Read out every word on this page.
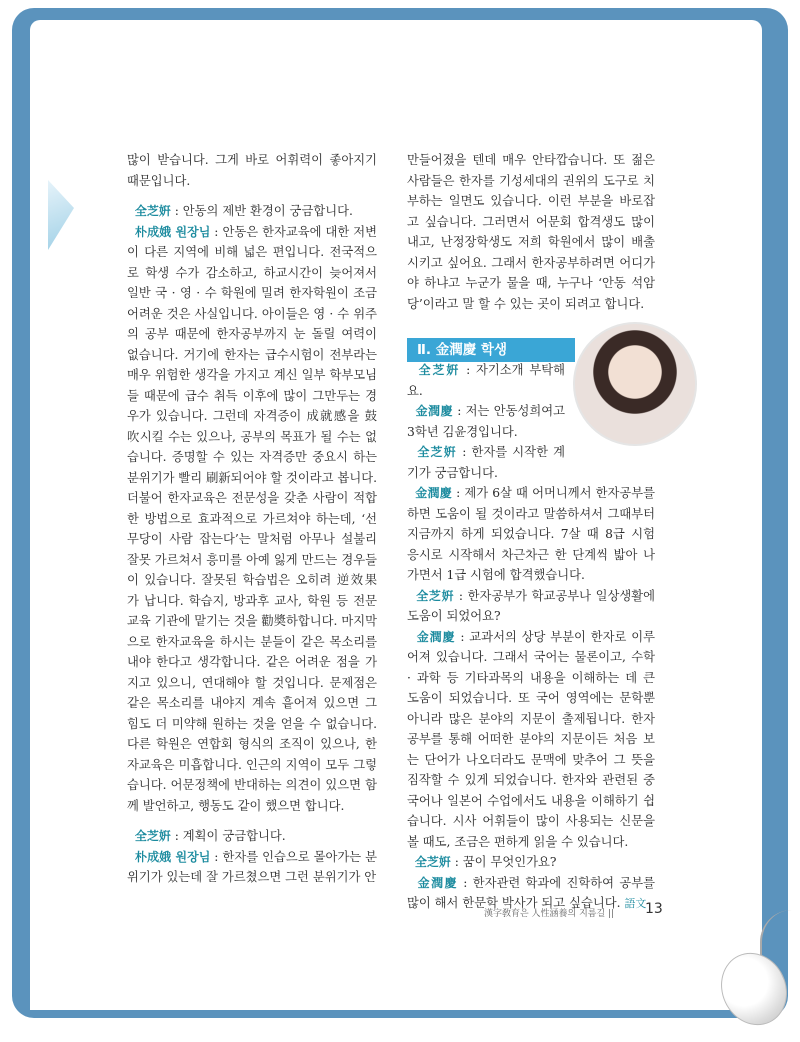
많이 받습니다. 그게 바로 어휘력이 좋아지기 때문입니다.

全芝姸 : 안동의 제반 환경이 궁금합니다.

朴成娥 원장님 : 안동은 한자교육에 대한 저변이 다른 지역에 비해 넓은 편입니다. 전국적으로 학생 수가 감소하고, 하교시간이 늦어져서 일반 국 · 영 · 수 학원에 밀려 한자학원이 조금 어려운 것은 사실입니다. 아이들은 영 · 수 위주의 공부 때문에 한자공부까지 눈 돌릴 여력이 없습니다. 거기에 한자는 급수시험이 전부라는 매우 위험한 생각을 가지고 계신 일부 학부모님들 때문에 급수 취득 이후에 많이 그만두는 경우가 있습니다. 그런데 자격증이 成就感을 鼓吹시킬 수는 있으나, 공부의 목표가 될 수는 없습니다. 증명할 수 있는 자격증만 중요시 하는 분위기가 빨리 刷新되어야 할 것이라고 봅니다. 더불어 한자교육은 전문성을 갖춘 사람이 적합한 방법으로 효과적으로 가르쳐야 하는데, ‘선무당이 사람 잡는다’는 말처럼 아무나 설불리 잘못 가르쳐서 흥미를 아예 잃게 만드는 경우들이 있습니다. 잘못된 학습법은 오히려 逆效果가 납니다. 학습지, 방과후 교사, 학원 등 전문 교육 기관에 맡기는 것을 勸奬하합니다. 마지막으로 한자교육을 하시는 분들이 같은 목소리를 내야 한다고 생각합니다. 같은 어려운 점을 가지고 있으니, 연대해야 할 것입니다. 문제점은 같은 목소리를 내야지 계속 흩어져 있으면 그 힘도 더 미약해 원하는 것을 얻을 수 없습니다. 다른 학원은 연합회 형식의 조직이 있으나, 한자교육은 미흡합니다. 인근의 지역이 모두 그렇습니다. 어문정책에 반대하는 의견이 있으면 함께 발언하고, 행동도 같이 했으면 합니다.

全芝姸 : 계획이 궁금합니다.

朴成娥 원장님 : 한자를 인습으로 몰아가는 분위기가 있는데 잘 가르쳤으면 그런 분위기가 안

만들어졌을 텐데 매우 안타깝습니다. 또 젊은 사람들은 한자를 기성세대의 권위의 도구로 치부하는 일면도 있습니다. 이런 부분을 바로잡고 싶습니다. 그러면서 어문회 합격생도 많이 내고, 난정장학생도 저희 학원에서 많이 배출시키고 싶어요. 그래서 한자공부하려면 어디가야 하냐고 누군가 물을 때, 누구나 ‘안동 석암당’이라고 말 할 수 있는 곳이 되려고 합니다.

Ⅱ. 金潤慶 학생

全芝姸 : 자기소개 부탁해요.

金潤慶 : 저는 안동성희여고 3학년 김윤경입니다.

全芝姸 : 한자를 시작한 계기가 궁금합니다.

金潤慶 : 제가 6살 때 어머니께서 한자공부를 하면 도움이 될 것이라고 말씀하셔서 그때부터 지금까지 하게 되었습니다. 7살 때 8급 시험 응시로 시작해서 차근차근 한 단계씩 밟아 나가면서 1급 시험에 합격했습니다.

全芝姸 : 한자공부가 학교공부나 일상생활에 도움이 되었어요?

金潤慶 : 교과서의 상당 부분이 한자로 이루어져 있습니다. 그래서 국어는 물론이고, 수학 · 과학 등 기타과목의 내용을 이해하는 데 큰 도움이 되었습니다. 또 국어 영역에는 문학뿐 아니라 많은 분야의 지문이 출제됩니다. 한자 공부를 통해 어떠한 분야의 지문이든 처음 보는 단어가 나오더라도 문맥에 맞추어 그 뜻을 짐작할 수 있게 되었습니다. 한자와 관련된 중국어나 일본어 수업에서도 내용을 이해하기 쉽습니다. 시사 어휘들이 많이 사용되는 신문을 볼 때도, 조금은 편하게 읽을 수 있습니다.

全芝姸 : 꿈이 무엇인가요?

金潤慶 : 한자관련 학과에 진학하여 공부를 많이 해서 한문학 박사가 되고 싶습니다. 語文

漢字敎育은 人性涵養의 지름길 || 13
